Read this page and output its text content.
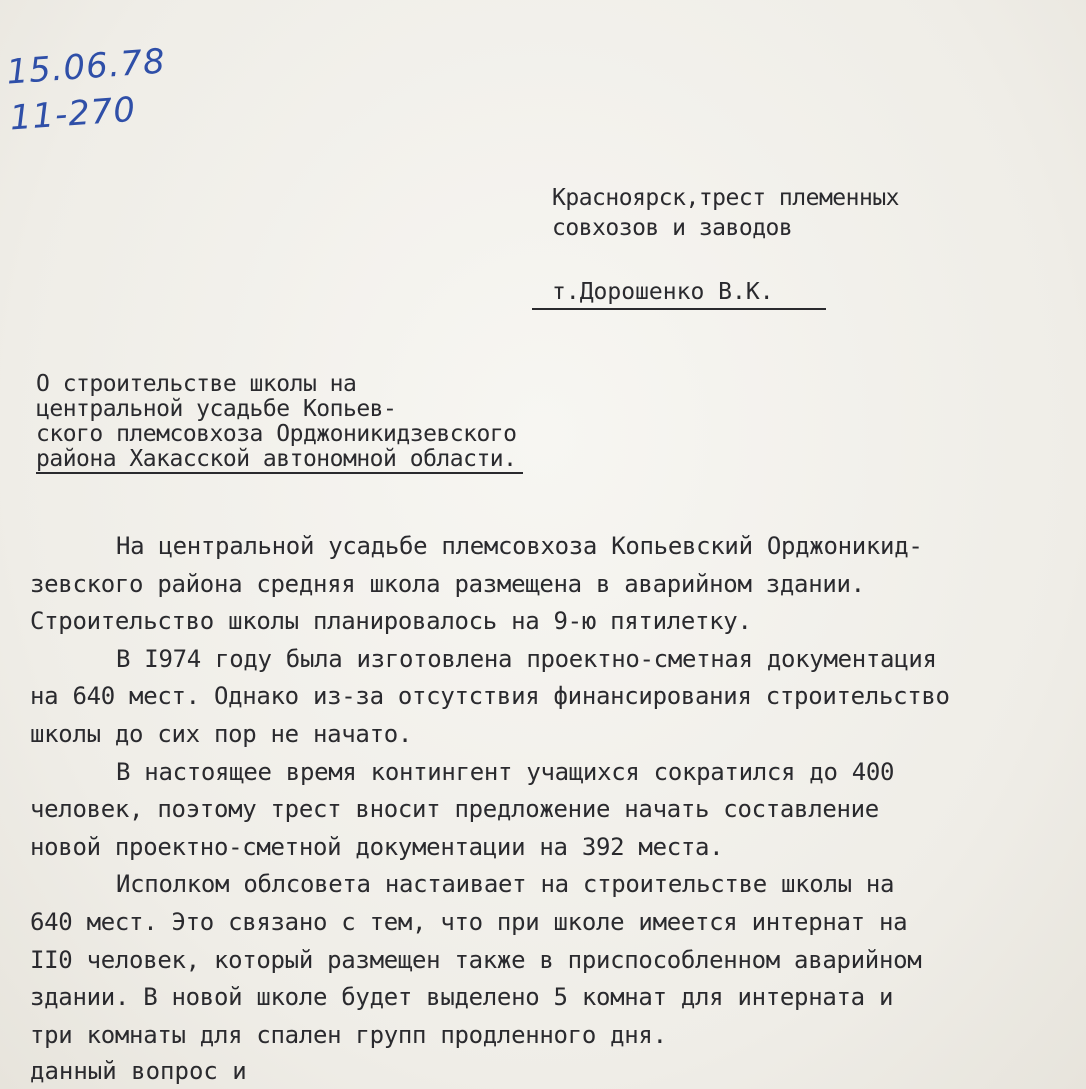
15.06.78
11-270
Красноярск,трест племенных
совхозов и заводов
т.Дорошенко В.К.
О строительстве школы на
центральной усадьбе Копьев-
ского племсовхоза Орджоникидзевского
района Хакасской автономной области.
На центральной усадьбе племсовхоза Копьевский Орджоникид-
зевского района средняя школа размещена в аварийном здании.
Строительство школы планировалось на 9-ю пятилетку.
В I974 году была изготовлена проектно-сметная документация
на 640 мест. Однако из-за отсутствия финансирования строительство
школы до сих пор не начато.
В настоящее время контингент учащихся сократился до 400
человек, поэтому трест вносит предложение начать составление
новой проектно-сметной документации на 392 места.
Исполком облсовета настаивает на строительстве школы на
640 мест. Это связано с тем, что при школе имеется интернат на
II0 человек, который размещен также в приспособленном аварийном
здании. В новой школе будет выделено 5 комнат для интерната и
три комнаты для спален групп продленного дня.
данный вопрос и
